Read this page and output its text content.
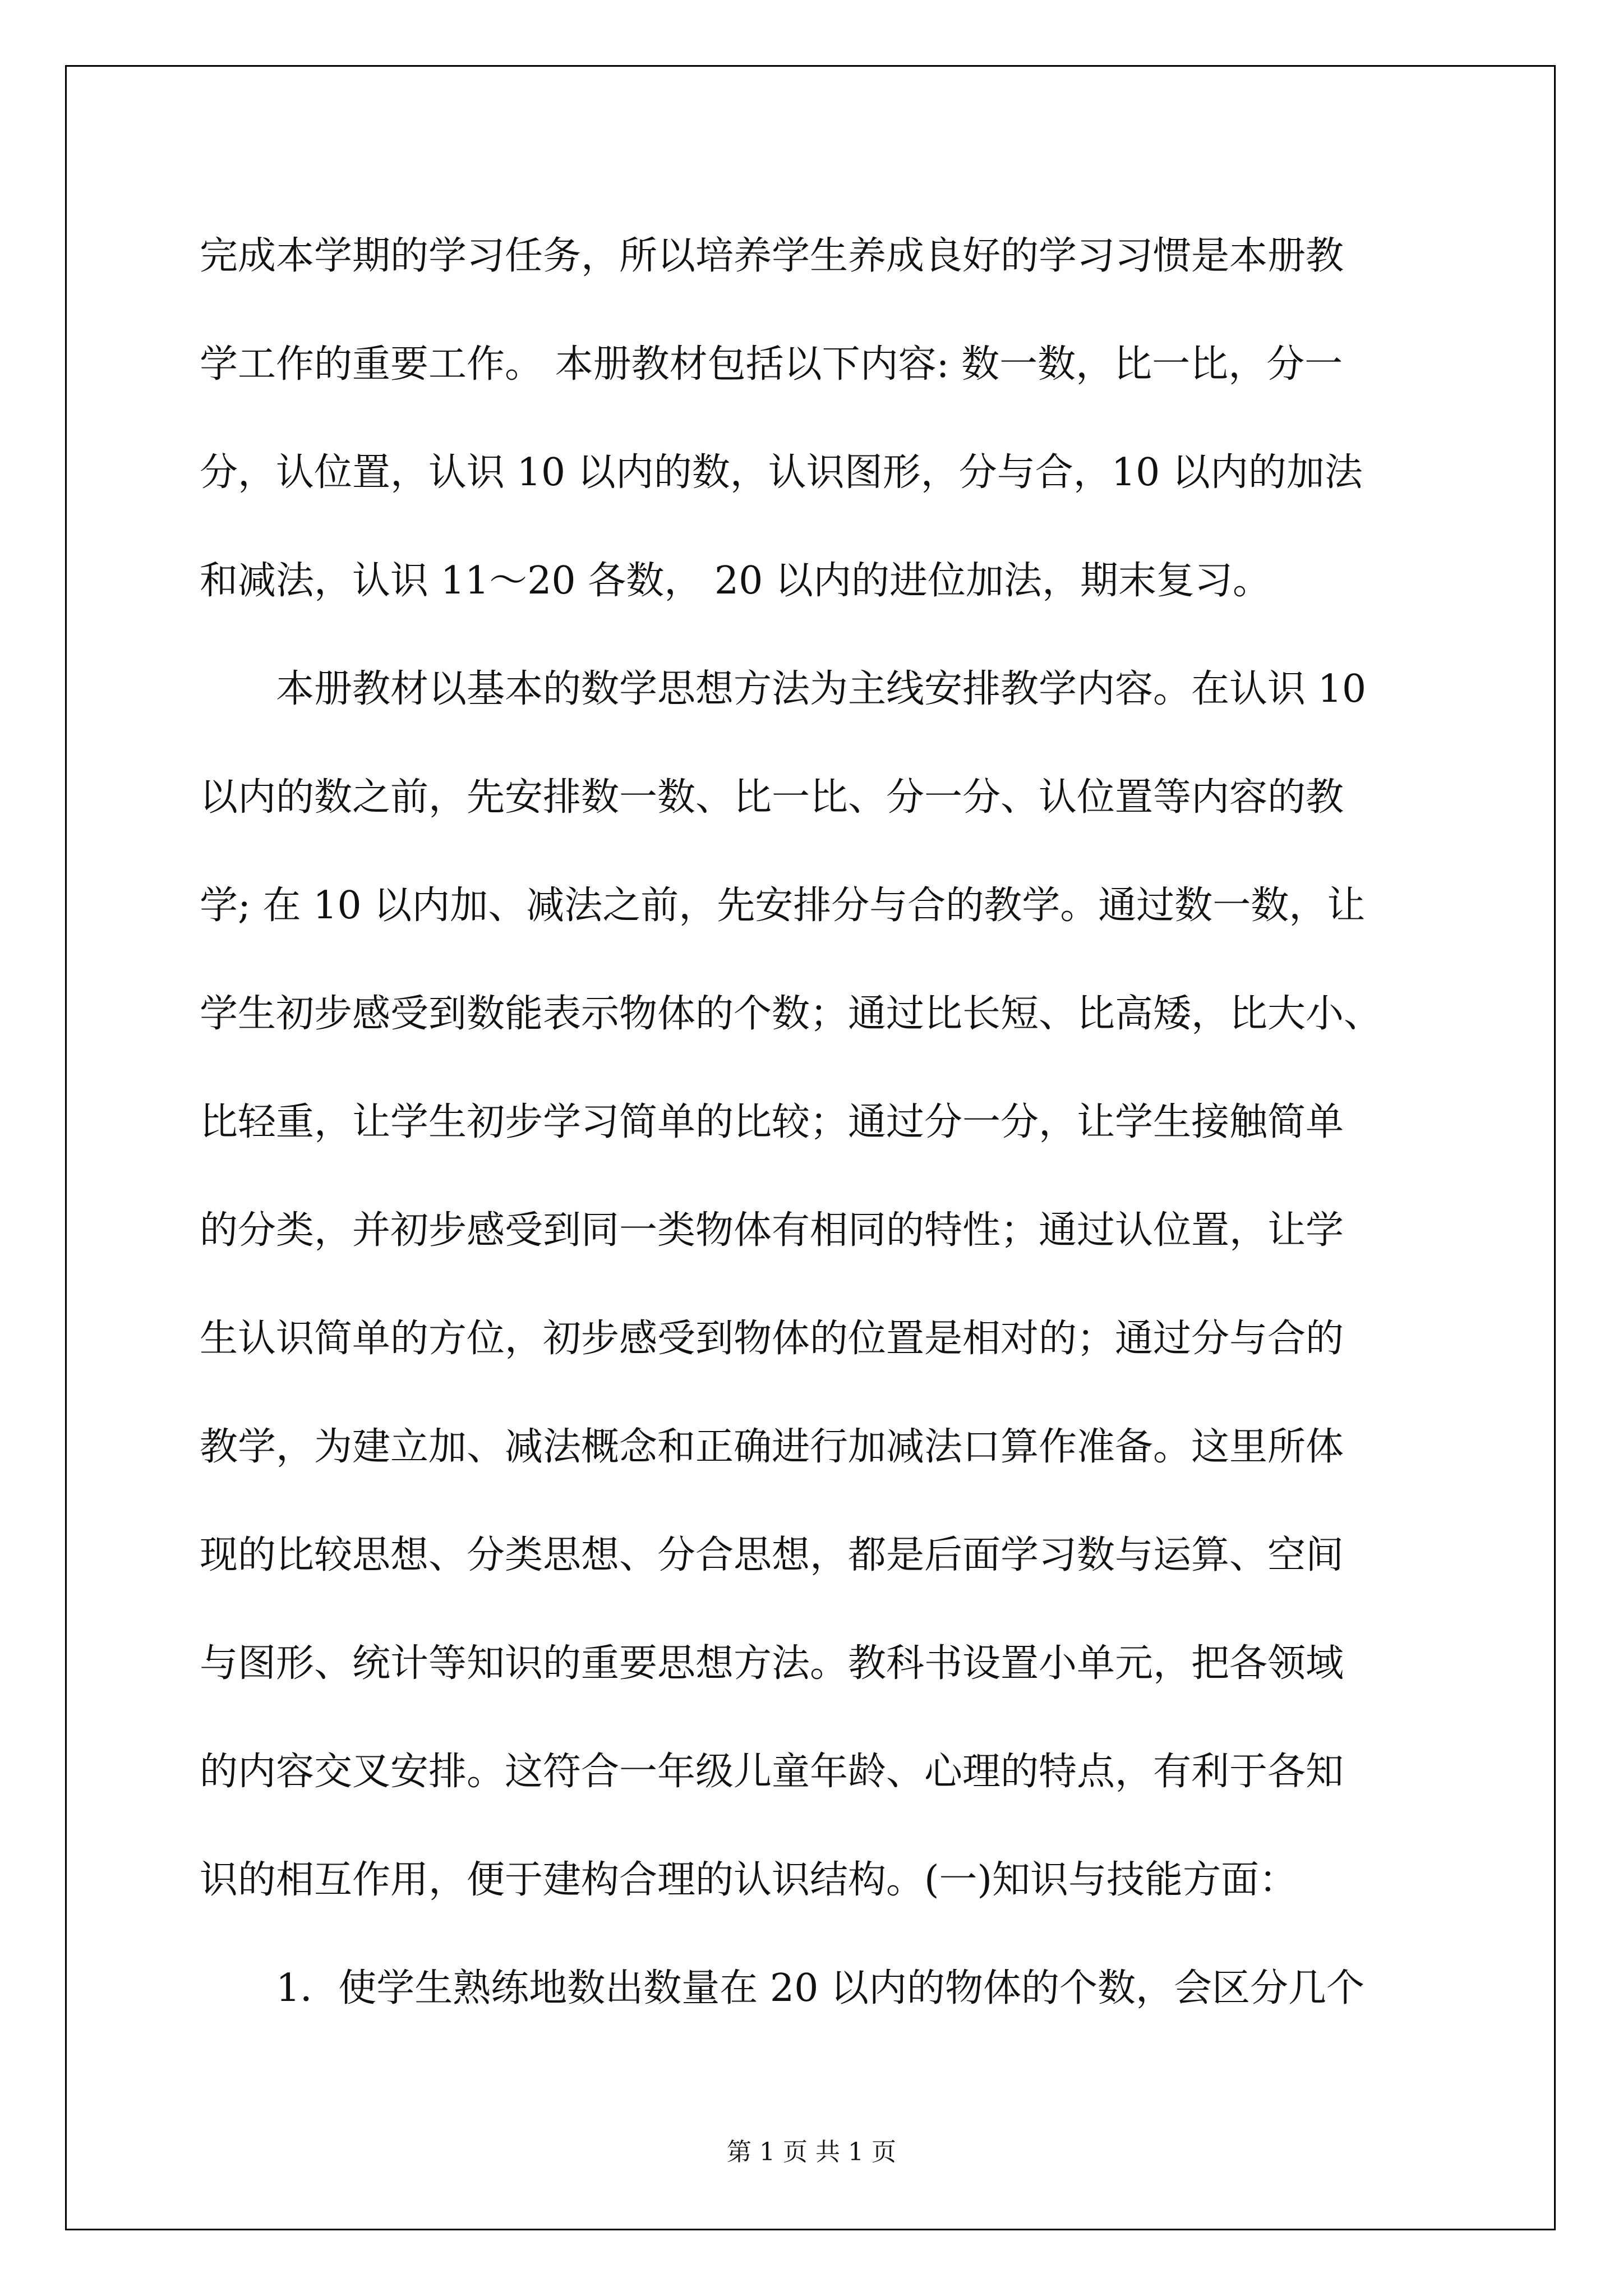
完成本学期的学习任务，所以培养学生养成良好的学习习惯是本册教
学工作的重要工作。 本册教材包括以下内容: 数一数，比一比，分一
分，认位置，认识 10 以内的数，认识图形，分与合，10 以内的加法
和减法，认识 11～20 各数， 20 以内的进位加法，期末复习。
本册教材以基本的数学思想方法为主线安排教学内容。在认识 10
以内的数之前，先安排数一数、比一比、分一分、认位置等内容的教
学; 在 10 以内加、减法之前，先安排分与合的教学。通过数一数，让
学生初步感受到数能表示物体的个数；通过比长短、比高矮，比大小、
比轻重，让学生初步学习简单的比较；通过分一分，让学生接触简单
的分类，并初步感受到同一类物体有相同的特性；通过认位置，让学
生认识简单的方位，初步感受到物体的位置是相对的；通过分与合的
教学，为建立加、减法概念和正确进行加减法口算作准备。这里所体
现的比较思想、分类思想、分合思想，都是后面学习数与运算、空间
与图形、统计等知识的重要思想方法。教科书设置小单元，把各领域
的内容交叉安排。这符合一年级儿童年龄、心理的特点，有利于各知
识的相互作用，便于建构合理的认识结构。(一)知识与技能方面：
1．使学生熟练地数出数量在 20 以内的物体的个数，会区分几个
第 1 页 共 1 页
